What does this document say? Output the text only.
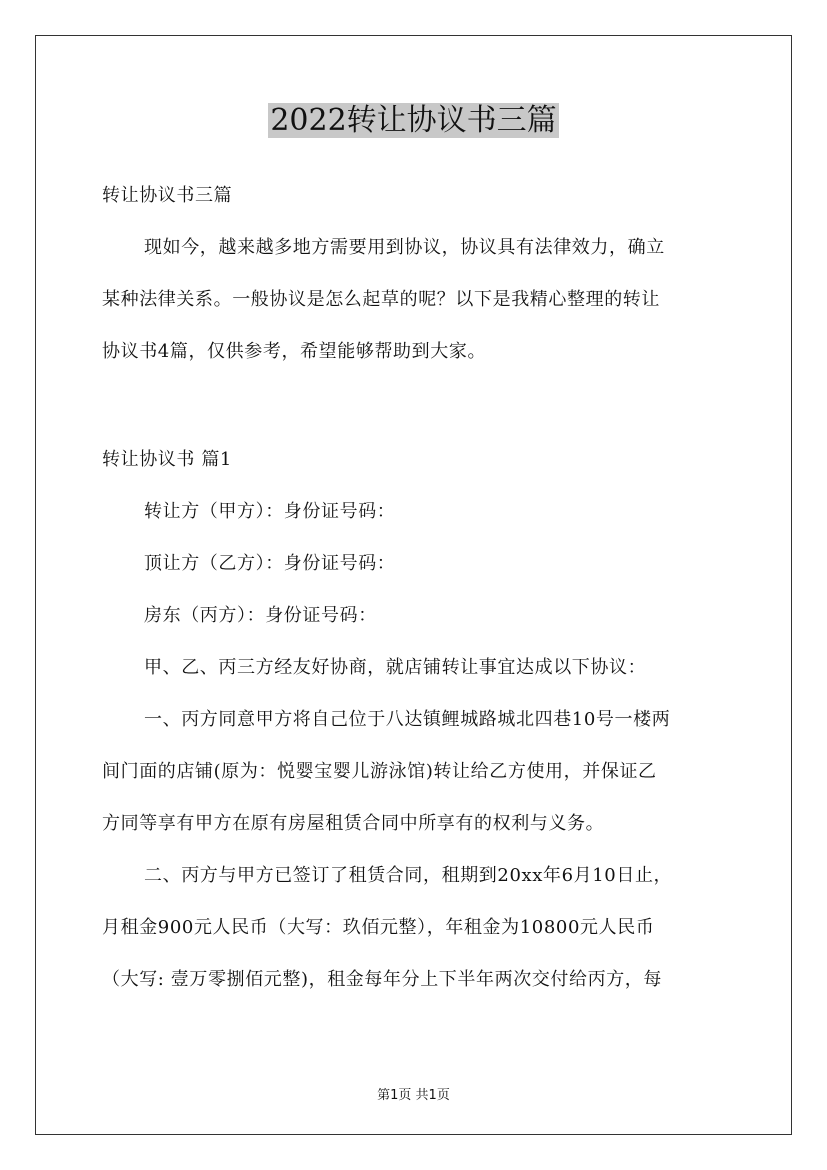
2022转让协议书三篇
转让协议书三篇
现如今，越来越多地方需要用到协议，协议具有法律效力，确立
某种法律关系。一般协议是怎么起草的呢？以下是我精心整理的转让
协议书4篇，仅供参考，希望能够帮助到大家。
转让协议书 篇1
转让方（甲方）：身份证号码：
顶让方（乙方）：身份证号码：
房东（丙方）：身份证号码：
甲、乙、丙三方经友好协商，就店铺转让事宜达成以下协议：
一、丙方同意甲方将自己位于八达镇鲤城路城北四巷10号一楼两
间门面的店铺(原为：悦婴宝婴儿游泳馆)转让给乙方使用，并保证乙
方同等享有甲方在原有房屋租赁合同中所享有的权利与义务。
二、丙方与甲方已签订了租赁合同，租期到20xx年6月10日止，
月租金900元人民币（大写：玖佰元整），年租金为10800元人民币
（大写: 壹万零捌佰元整)，租金每年分上下半年两次交付给丙方，每
第1页 共1页
